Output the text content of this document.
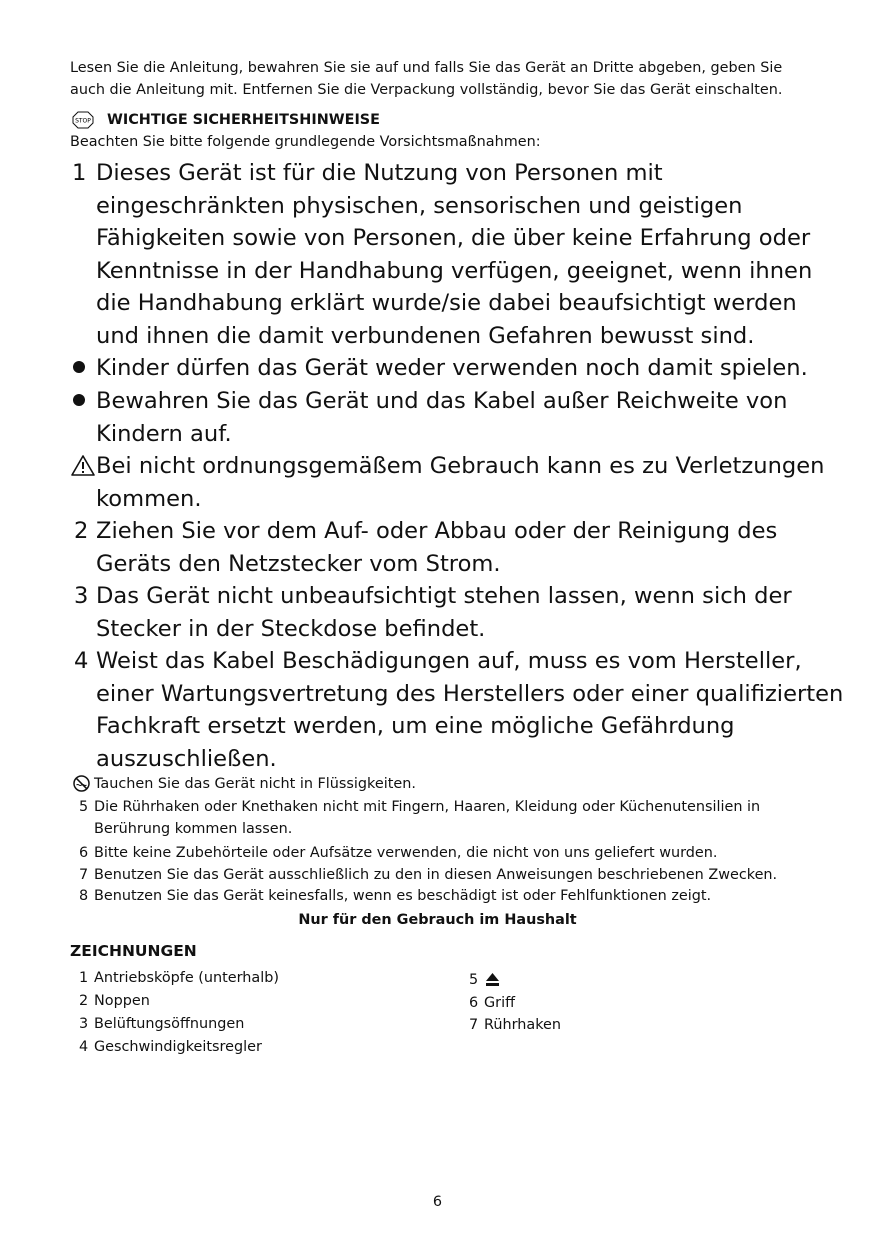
Lesen Sie die Anleitung, bewahren Sie sie auf und falls Sie das Gerät an Dritte abgeben, geben Sie
auch die Anleitung mit. Entfernen Sie die Verpackung vollständig, bevor Sie das Gerät einschalten.
STOP WICHTIGE SICHERHEITSHINWEISE
Beachten Sie bitte folgende grundlegende Vorsichtsmaßnahmen:
1 Dieses Gerät ist für die Nutzung von Personen mit
eingeschränkten physischen, sensorischen und geistigen
Fähigkeiten sowie von Personen, die über keine Erfahrung oder
Kenntnisse in der Handhabung verfügen, geeignet, wenn ihnen
die Handhabung erklärt wurde/sie dabei beaufsichtigt werden
und ihnen die damit verbundenen Gefahren bewusst sind.
Kinder dürfen das Gerät weder verwenden noch damit spielen.
Bewahren Sie das Gerät und das Kabel außer Reichweite von
Kindern auf.
Bei nicht ordnungsgemäßem Gebrauch kann es zu Verletzungen
kommen.
2 Ziehen Sie vor dem Auf- oder Abbau oder der Reinigung des
Geräts den Netzstecker vom Strom.
3 Das Gerät nicht unbeaufsichtigt stehen lassen, wenn sich der
Stecker in der Steckdose befindet.
4 Weist das Kabel Beschädigungen auf, muss es vom Hersteller,
einer Wartungsvertretung des Herstellers oder einer qualifizierten
Fachkraft ersetzt werden, um eine mögliche Gefährdung
auszuschließen.
Tauchen Sie das Gerät nicht in Flüssigkeiten.
5 Die Rührhaken oder Knethaken nicht mit Fingern, Haaren, Kleidung oder Küchenutensilien in
Berührung kommen lassen.
6 Bitte keine Zubehörteile oder Aufsätze verwenden, die nicht von uns geliefert wurden.
7 Benutzen Sie das Gerät ausschließlich zu den in diesen Anweisungen beschriebenen Zwecken.
8 Benutzen Sie das Gerät keinesfalls, wenn es beschädigt ist oder Fehlfunktionen zeigt.
Nur für den Gebrauch im Haushalt
ZEICHNUNGEN
1 Antriebsköpfe (unterhalb)
2 Noppen
3 Belüftungsöffnungen
4 Geschwindigkeitsregler
5
6 Griff
7 Rührhaken
6
